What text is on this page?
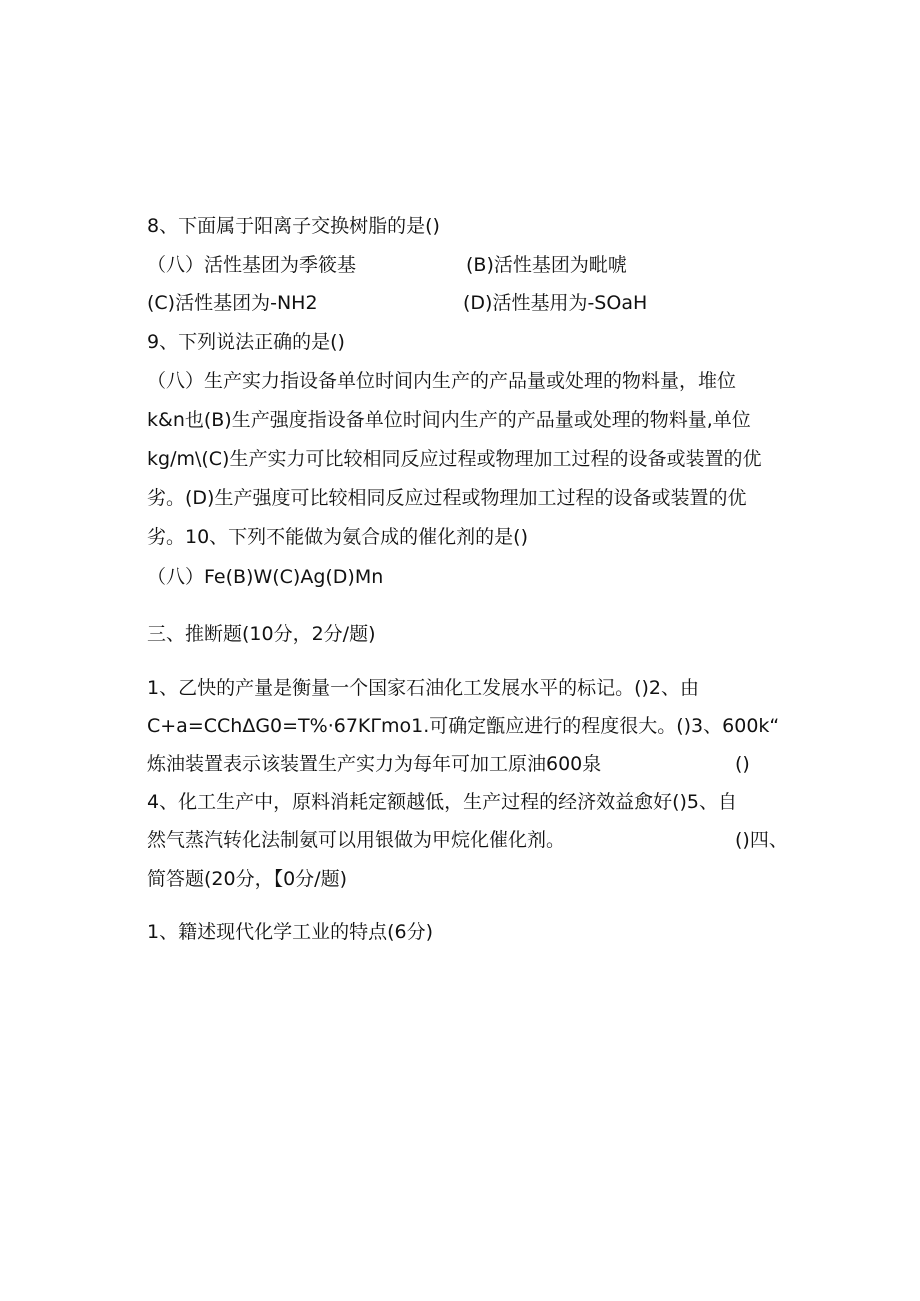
8、下面属于阳离子交换树脂的是()
（八）活性基团为季筱基	(B)活性基团为毗唬
(C)活性基团为-NH2	(D)活性基用为-SOaH
9、下列说法正确的是()
（八）生产实力指设备单位时间内生产的产品量或处理的物料量，堆位
k&n也(B)生产强度指设备单位时间内生产的产品量或处理的物料量,单位
kg∕m\(C)生产实力可比较相同反应过程或物理加工过程的设备或装置的优
劣。(D)生产强度可比较相同反应过程或物理加工过程的设备或装置的优
劣。10、下列不能做为氨合成的催化剂的是()
（八）Fe(B)W(C)Ag(D)Mn
三、推断题(10分，2分/题)
1、乙快的产量是衡量一个国家石油化工发展水平的标记。()2、由
C+a=CChΔG0=T%·67KΓmo1.可确定甑应进行的程度很大。()3、600k“
炼油装置表示该装置生产实力为每年可加工原油600泉	()
4、化工生产中，原料消耗定额越低，生产过程的经济效益愈好()5、自
然气蒸汽转化法制氨可以用银做为甲烷化催化剂。	()四、
简答题(20分，【0分/题)
1、籍述现代化学工业的特点(6分)
